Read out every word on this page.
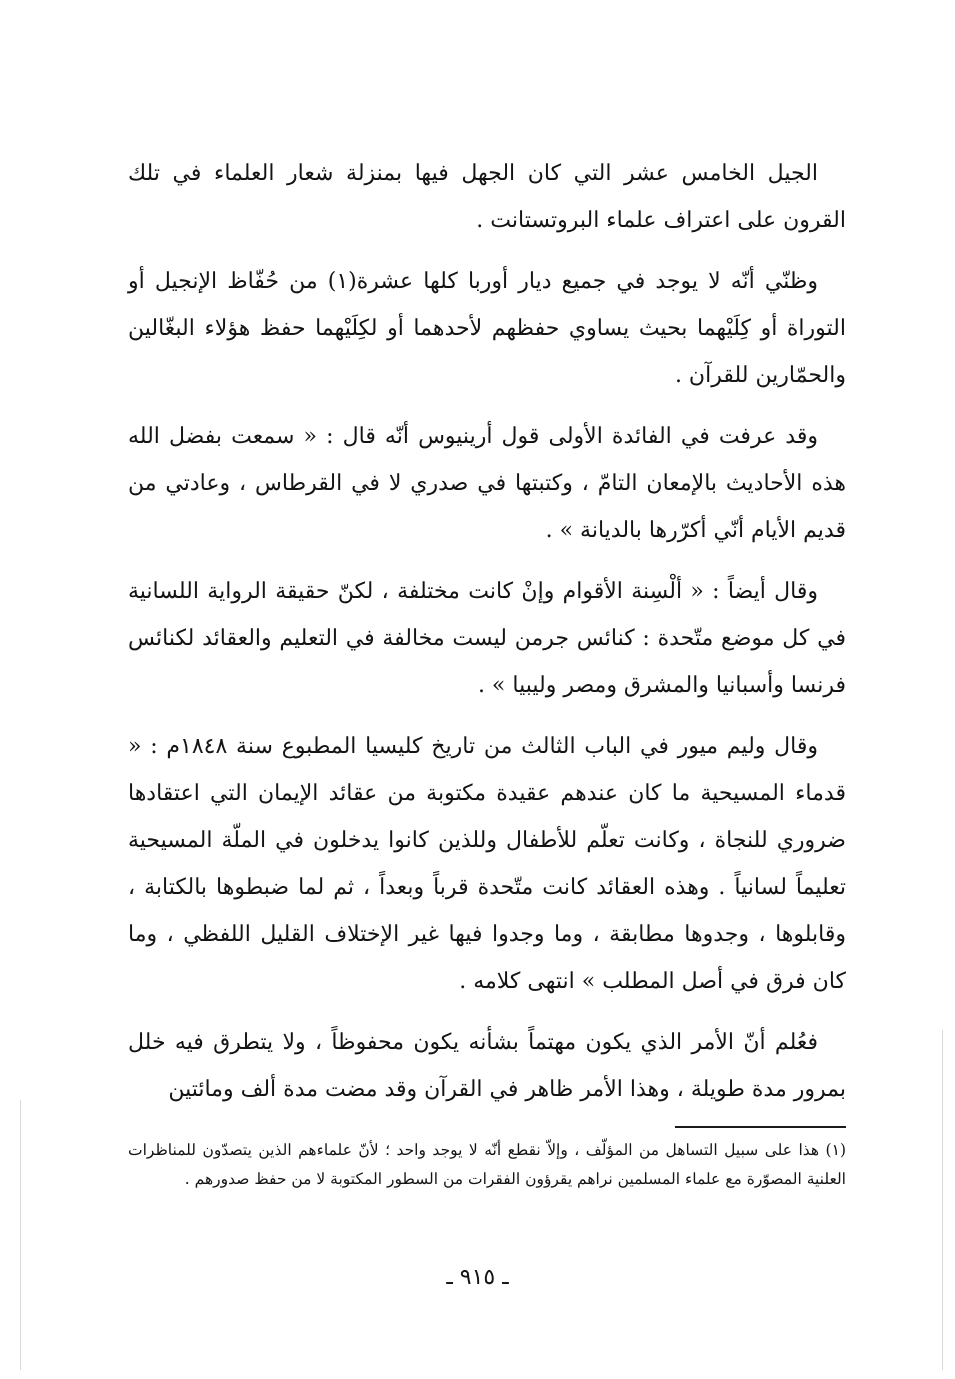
الجيل الخامس عشر التي كان الجهل فيها بمنزلة شعار العلماء في تلك القرون على اعتراف علماء البروتستانت .

وظنّي أنّه لا يوجد في جميع ديار أوربا كلها عشرة(١) من حُفّاظ الإنجيل أو التوراة أو كِلَيْهما بحيث يساوي حفظهم لأحدهما أو لكِلَيْهما حفظ هؤلاء البغّالين والحمّارين للقرآن .

وقد عرفت في الفائدة الأولى قول أرينيوس أنّه قال : « سمعت بفضل الله هذه الأحاديث بالإمعان التامّ ، وكتبتها في صدري لا في القرطاس ، وعادتي من قديم الأيام أنّي أكرّرها بالديانة » .

وقال أيضاً : « ألْسِنة الأقوام وإنْ كانت مختلفة ، لكنّ حقيقة الرواية اللسانية في كل موضع متّحدة : كنائس جرمن ليست مخالفة في التعليم والعقائد لكنائس فرنسا وأسبانيا والمشرق ومصر وليبيا » .

وقال وليم ميور في الباب الثالث من تاريخ كليسيا المطبوع سنة ١٨٤٨م : « قدماء المسيحية ما كان عندهم عقيدة مكتوبة من عقائد الإيمان التي اعتقادها ضروري للنجاة ، وكانت تعلّم للأطفال وللذين كانوا يدخلون في الملّة المسيحية تعليماً لسانياً . وهذه العقائد كانت متّحدة قرباً وبعداً ، ثم لما ضبطوها بالكتابة ، وقابلوها ، وجدوها مطابقة ، وما وجدوا فيها غير الإختلاف القليل اللفظي ، وما كان فرق في أصل المطلب » انتهى كلامه .

فعُلم أنّ الأمر الذي يكون مهتماً بشأنه يكون محفوظاً ، ولا يتطرق فيه خلل بمرور مدة طويلة ، وهذا الأمر ظاهر في القرآن وقد مضت مدة ألف ومائتين

(١) هذا على سبيل التساهل من المؤلّف ، وإلاّ نقطع أنّه لا يوجد واحد ؛ لأنّ علماءهم الذين يتصدّون للمناظرات العلنية المصوّرة مع علماء المسلمين نراهم يقرؤون الفقرات من السطور المكتوبة لا من حفظ صدورهم .
ـ ٩١٥ ـ
